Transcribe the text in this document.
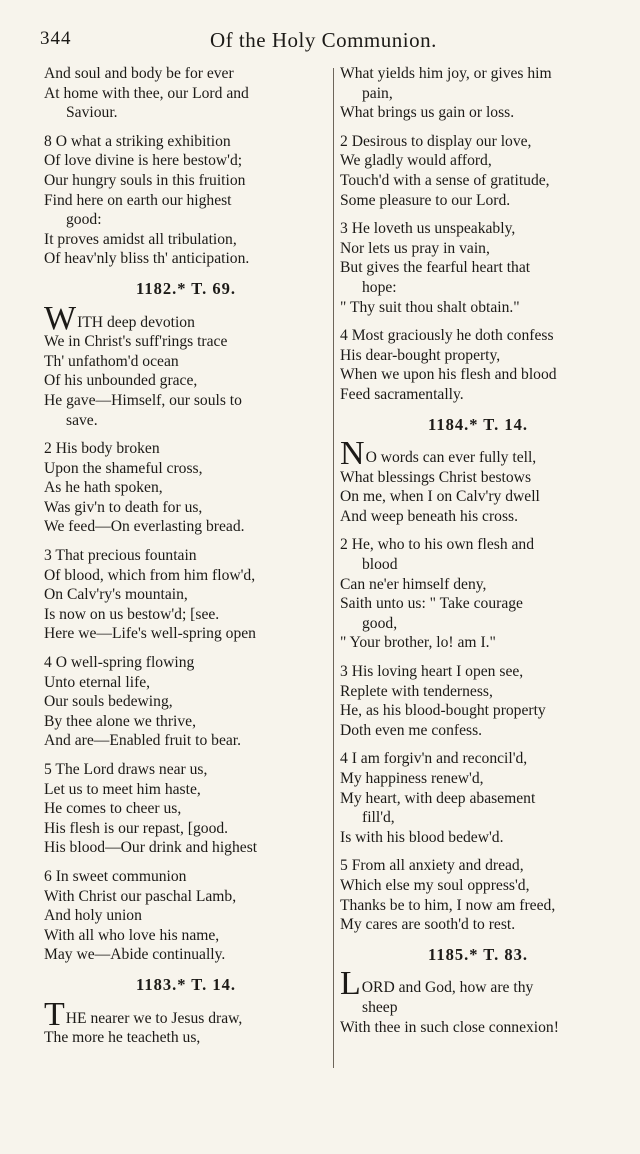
344	Of the Holy Communion.
And soul and body be for ever
At home with thee, our Lord and
Saviour.
8 O what a striking exhibition
Of love divine is here bestow'd;
Our hungry souls in this fruition
Find here on earth our highest
good:
It proves amidst all tribulation,
Of heav'nly bliss th' anticipation.
1182.* T. 69.
WITH deep devotion
We in Christ's suff'rings trace
Th' unfathom'd ocean
Of his unbounded grace,
He gave—Himself, our souls to
save.
2 His body broken
Upon the shameful cross,
As he hath spoken,
Was giv'n to death for us,
We feed—On everlasting bread.
3 That precious fountain
Of blood, which from him flow'd,
On Calv'ry's mountain,
Is now on us bestow'd; [see.
Here we—Life's well-spring open
4 O well-spring flowing
Unto eternal life,
Our souls bedewing,
By thee alone we thrive,
And are—Enabled fruit to bear.
5 The Lord draws near us,
Let us to meet him haste,
He comes to cheer us,
His flesh is our repast, [good.
His blood—Our drink and highest
6 In sweet communion
With Christ our paschal Lamb,
And holy union
With all who love his name,
May we—Abide continually.
1183.* T. 14.
THE nearer we to Jesus draw,
The more he teacheth us,
What yields him joy, or gives him
pain,
What brings us gain or loss.
2 Desirous to display our love,
We gladly would afford,
Touch'd with a sense of gratitude,
Some pleasure to our Lord.
3 He loveth us unspeakably,
Nor lets us pray in vain,
But gives the fearful heart that
hope:
" Thy suit thou shalt obtain."
4 Most graciously he doth confess
His dear-bought property,
When we upon his flesh and blood
Feed sacramentally.
1184.* T. 14.
NO words can ever fully tell,
What blessings Christ bestows
On me, when I on Calv'ry dwell
And weep beneath his cross.
2 He, who to his own flesh and
blood
Can ne'er himself deny,
Saith unto us: " Take courage
good,
" Your brother, lo! am I."
3 His loving heart I open see,
Replete with tenderness,
He, as his blood-bought property
Doth even me confess.
4 I am forgiv'n and reconcil'd,
My happiness renew'd,
My heart, with deep abasement
fill'd,
Is with his blood bedew'd.
5 From all anxiety and dread,
Which else my soul oppress'd,
Thanks be to him, I now am freed,
My cares are sooth'd to rest.
1185.* T. 83.
LORD and God, how are thy
sheep
With thee in such close connexion!
